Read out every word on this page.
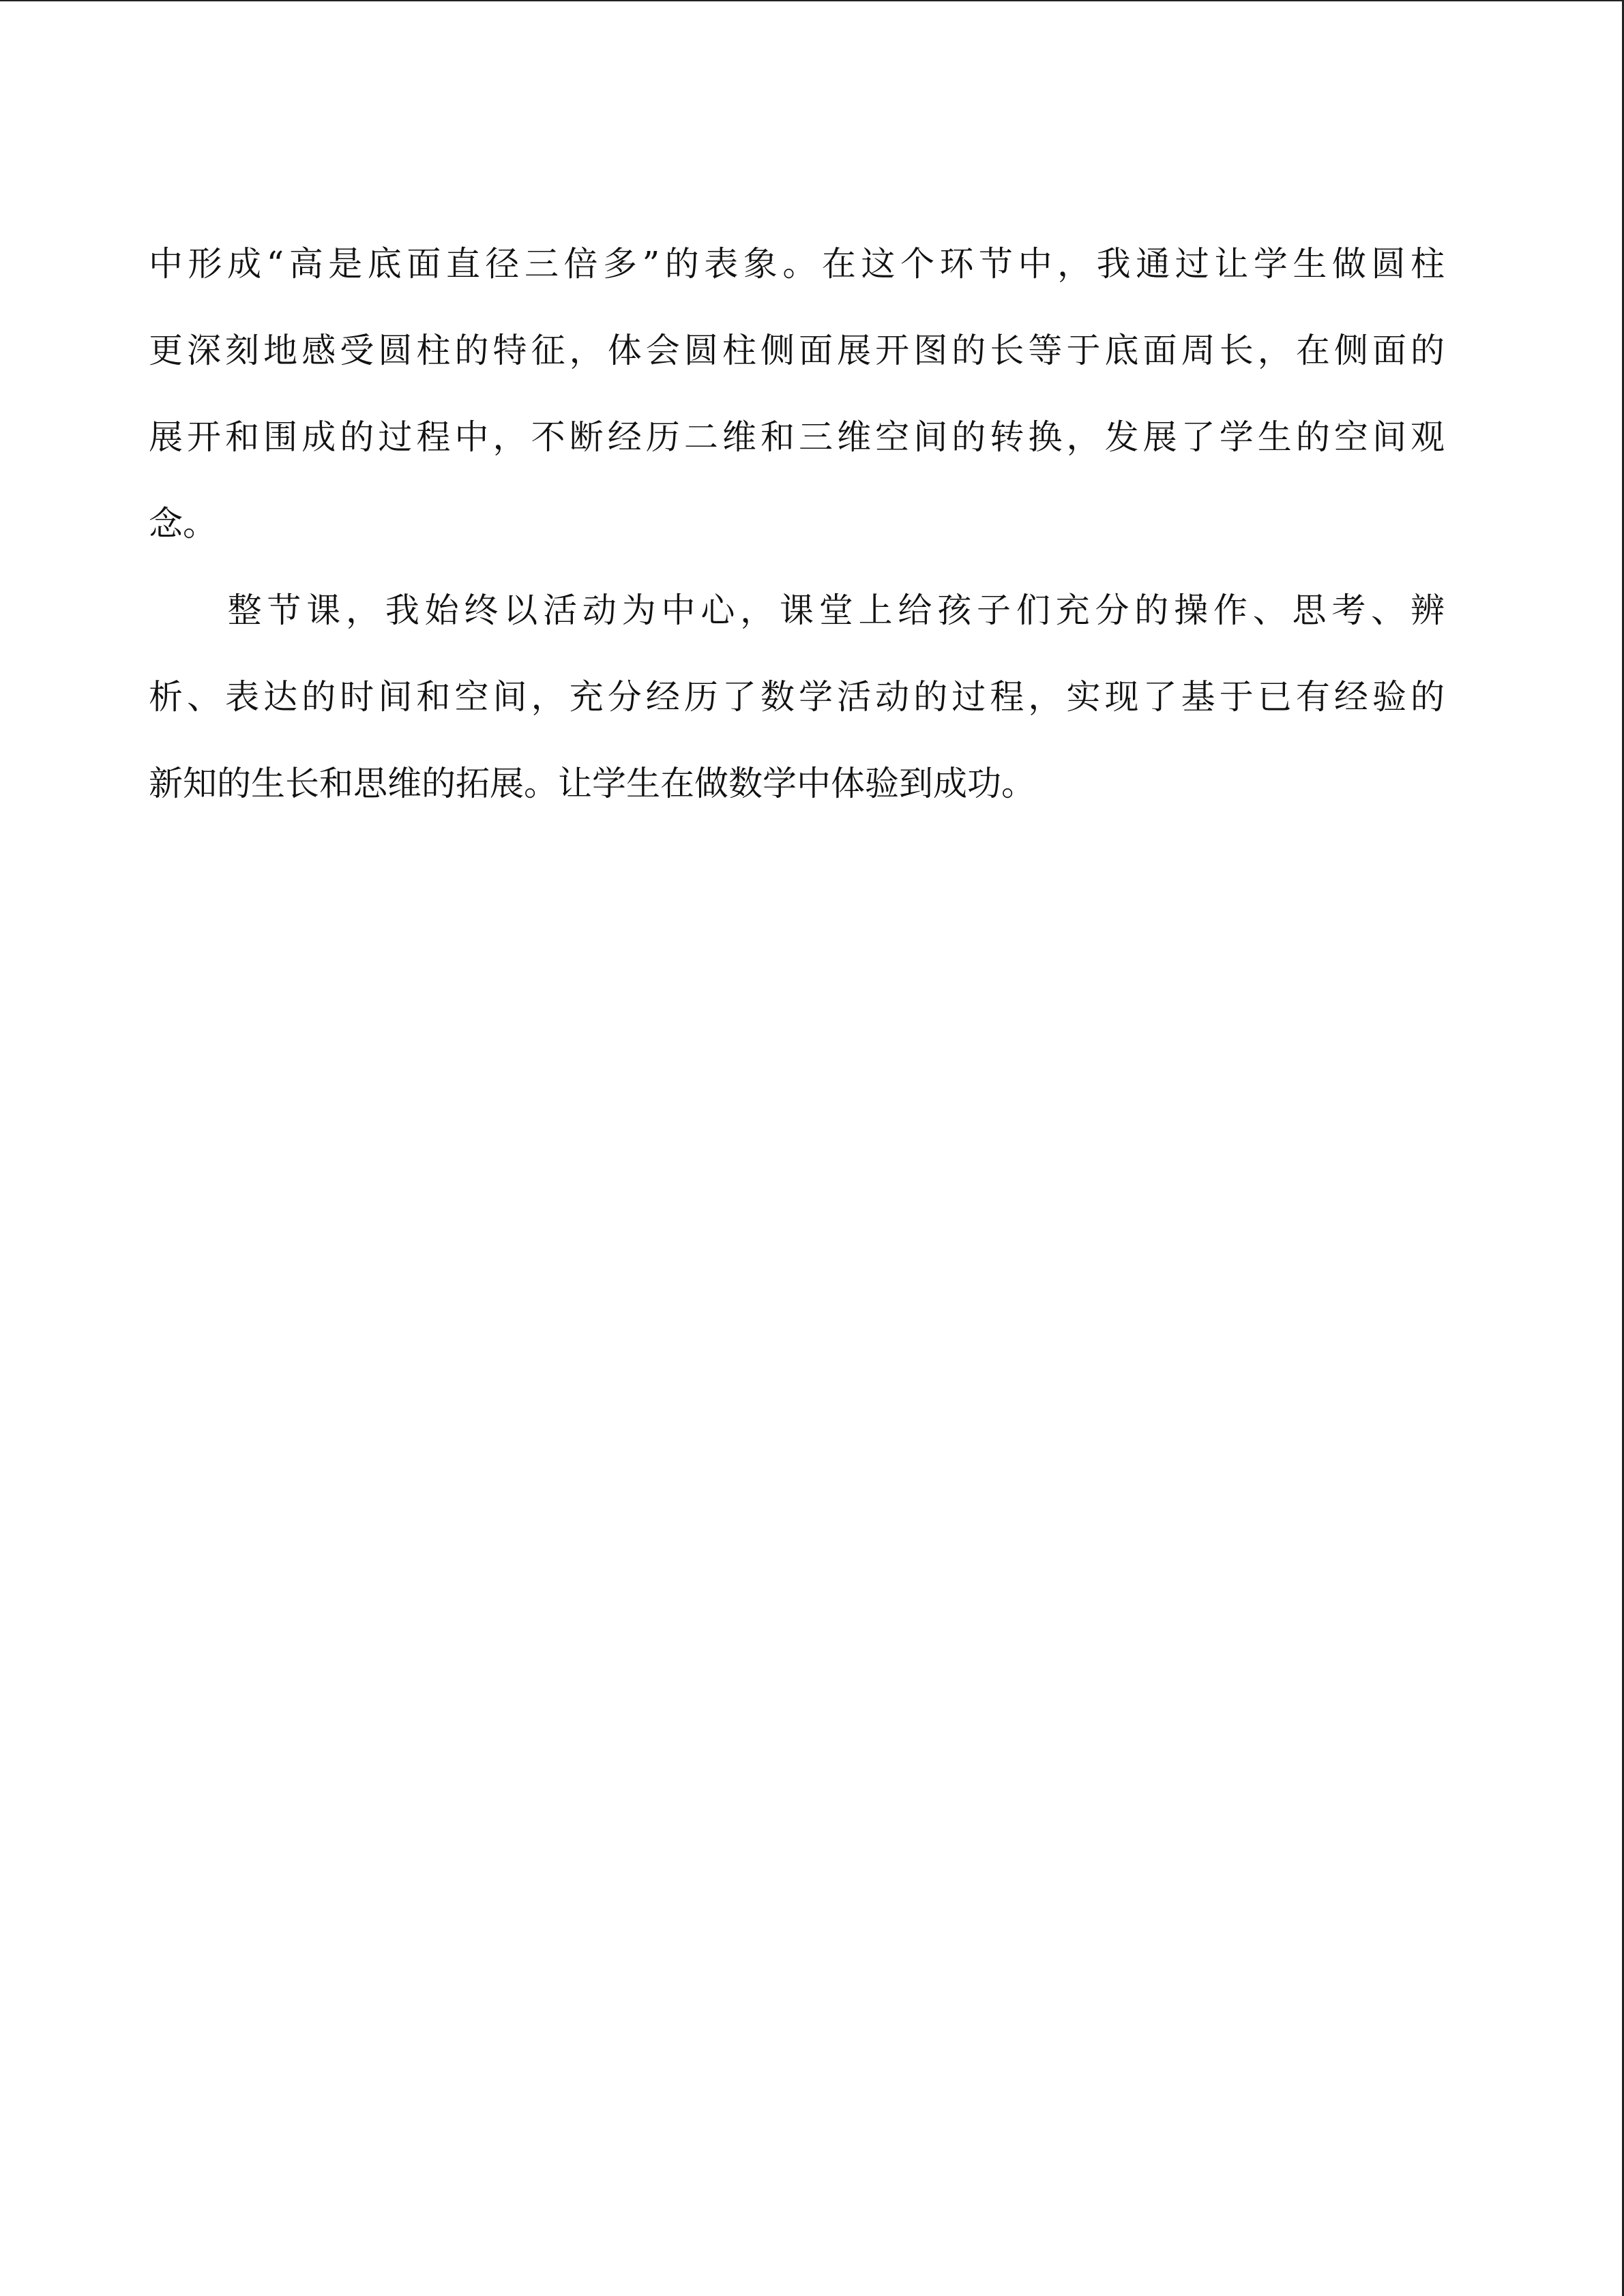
中形成“高是底面直径三倍多”的表象。在这个环节中，我通过让学生做圆柱
更深刻地感受圆柱的特征，体会圆柱侧面展开图的长等于底面周长，在侧面的
展开和围成的过程中，不断经历二维和三维空间的转换，发展了学生的空间观
念。
　　整节课，我始终以活动为中心，课堂上给孩子们充分的操作、思考、辨
析、表达的时间和空间，充分经历了数学活动的过程，实现了基于已有经验的
新知的生长和思维的拓展。让学生在做数学中体验到成功。
